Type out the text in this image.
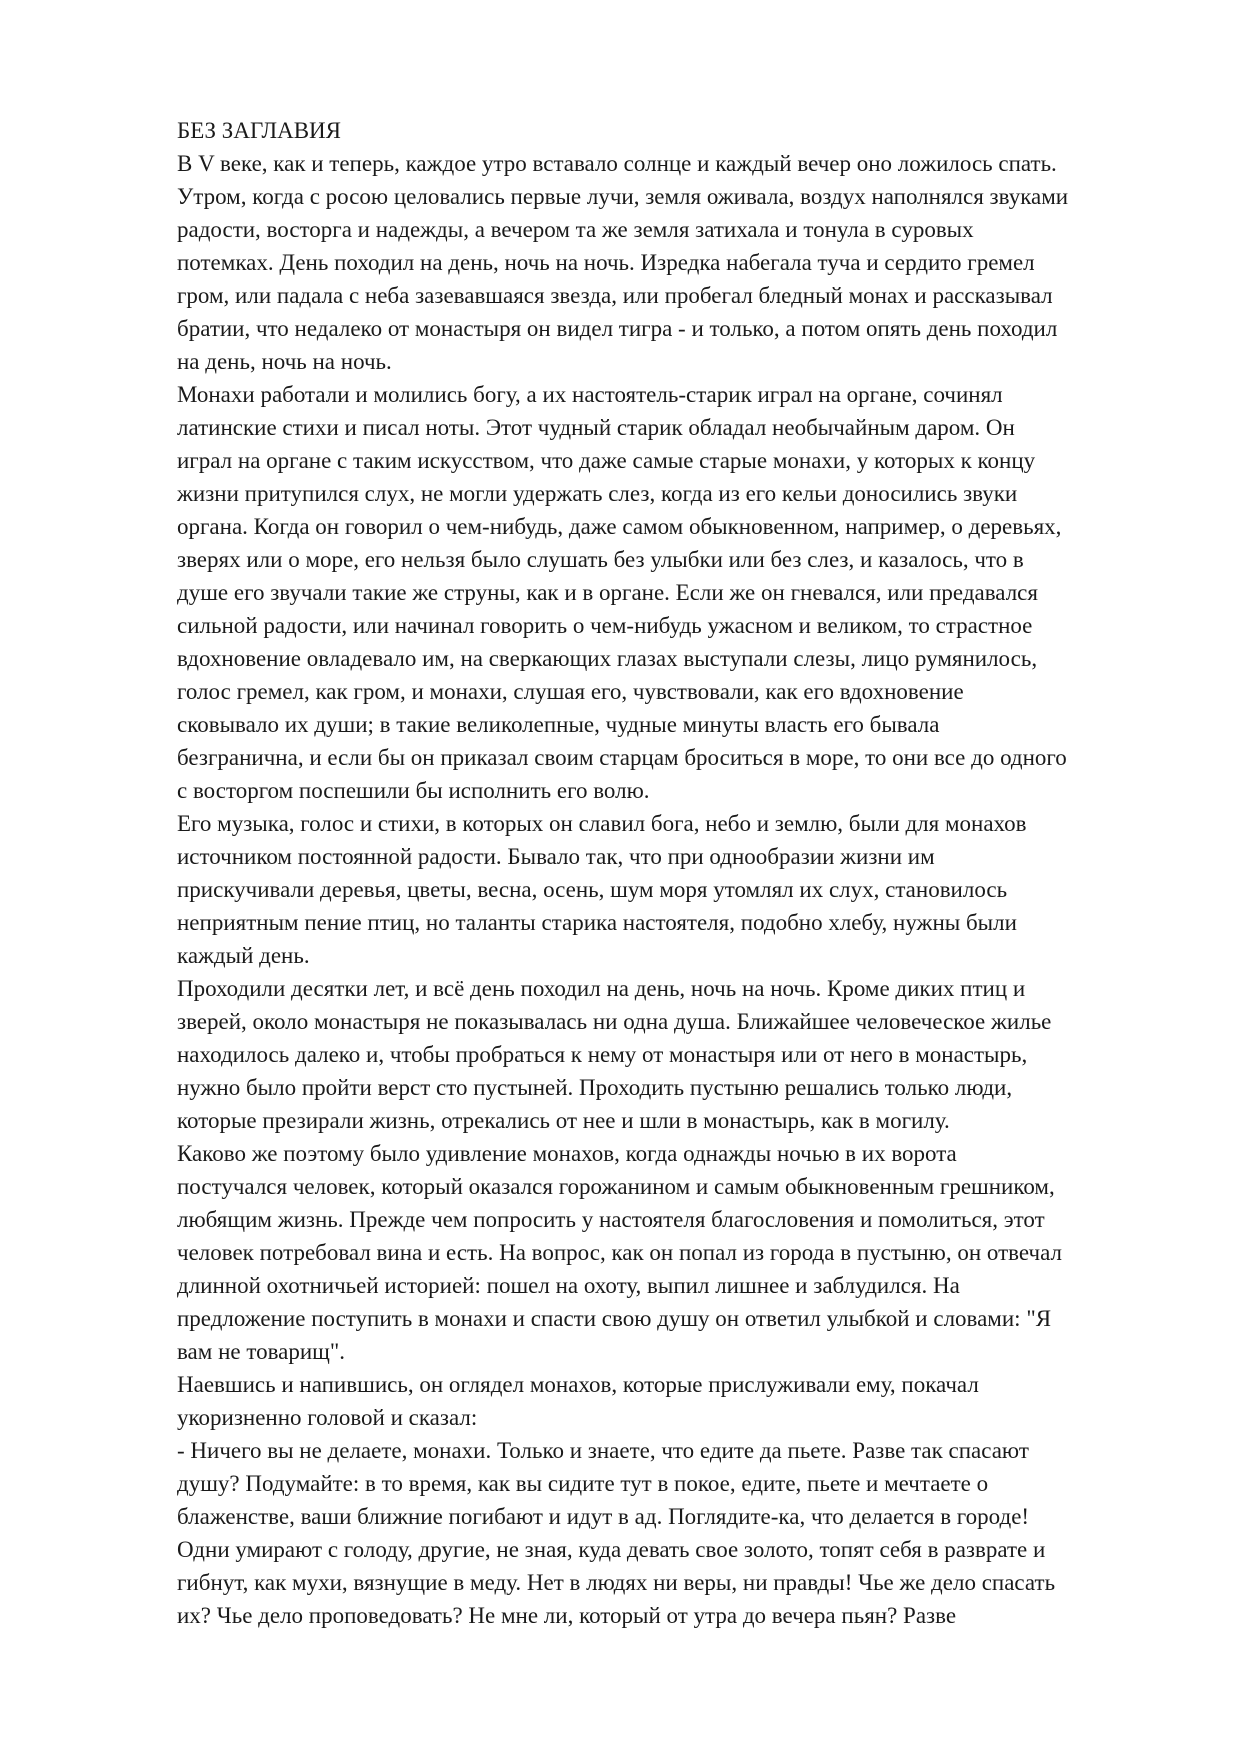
БЕЗ ЗАГЛАВИЯ
В V веке, как и теперь, каждое утро вставало солнце и каждый вечер оно ложилось спать.
Утром, когда с росою целовались первые лучи, земля оживала, воздух наполнялся звуками
радости, восторга и надежды, а вечером та же земля затихала и тонула в суровых
потемках. День походил на день, ночь на ночь. Изредка набегала туча и сердито гремел
гром, или падала с неба зазевавшаяся звезда, или пробегал бледный монах и рассказывал
братии, что недалеко от монастыря он видел тигра - и только, а потом опять день походил
на день, ночь на ночь.
Монахи работали и молились богу, а их настоятель-старик играл на органе, сочинял
латинские стихи и писал ноты. Этот чудный старик обладал необычайным даром. Он
играл на органе с таким искусством, что даже самые старые монахи, у которых к концу
жизни притупился слух, не могли удержать слез, когда из его кельи доносились звуки
органа. Когда он говорил о чем-нибудь, даже самом обыкновенном, например, о деревьях,
зверях или о море, его нельзя было слушать без улыбки или без слез, и казалось, что в
душе его звучали такие же струны, как и в органе. Если же он гневался, или предавался
сильной радости, или начинал говорить о чем-нибудь ужасном и великом, то страстное
вдохновение овладевало им, на сверкающих глазах выступали слезы, лицо румянилось,
голос гремел, как гром, и монахи, слушая его, чувствовали, как его вдохновение
сковывало их души; в такие великолепные, чудные минуты власть его бывала
безгранична, и если бы он приказал своим старцам броситься в море, то они все до одного
с восторгом поспешили бы исполнить его волю.
Его музыка, голос и стихи, в которых он славил бога, небо и землю, были для монахов
источником постоянной радости. Бывало так, что при однообразии жизни им
прискучивали деревья, цветы, весна, осень, шум моря утомлял их слух, становилось
неприятным пение птиц, но таланты старика настоятеля, подобно хлебу, нужны были
каждый день.
Проходили десятки лет, и всё день походил на день, ночь на ночь. Кроме диких птиц и
зверей, около монастыря не показывалась ни одна душа. Ближайшее человеческое жилье
находилось далеко и, чтобы пробраться к нему от монастыря или от него в монастырь,
нужно было пройти верст сто пустыней. Проходить пустыню решались только люди,
которые презирали жизнь, отрекались от нее и шли в монастырь, как в могилу.
Каково же поэтому было удивление монахов, когда однажды ночью в их ворота
постучался человек, который оказался горожанином и самым обыкновенным грешником,
любящим жизнь. Прежде чем попросить у настоятеля благословения и помолиться, этот
человек потребовал вина и есть. На вопрос, как он попал из города в пустыню, он отвечал
длинной охотничьей историей: пошел на охоту, выпил лишнее и заблудился. На
предложение поступить в монахи и спасти свою душу он ответил улыбкой и словами: "Я
вам не товарищ".
Наевшись и напившись, он оглядел монахов, которые прислуживали ему, покачал
укоризненно головой и сказал:
- Ничего вы не делаете, монахи. Только и знаете, что едите да пьете. Разве так спасают
душу? Подумайте: в то время, как вы сидите тут в покое, едите, пьете и мечтаете о
блаженстве, ваши ближние погибают и идут в ад. Поглядите-ка, что делается в городе!
Одни умирают с голоду, другие, не зная, куда девать свое золото, топят себя в разврате и
гибнут, как мухи, вязнущие в меду. Нет в людях ни веры, ни правды! Чье же дело спасать
их? Чье дело проповедовать? Не мне ли, который от утра до вечера пьян? Разве
